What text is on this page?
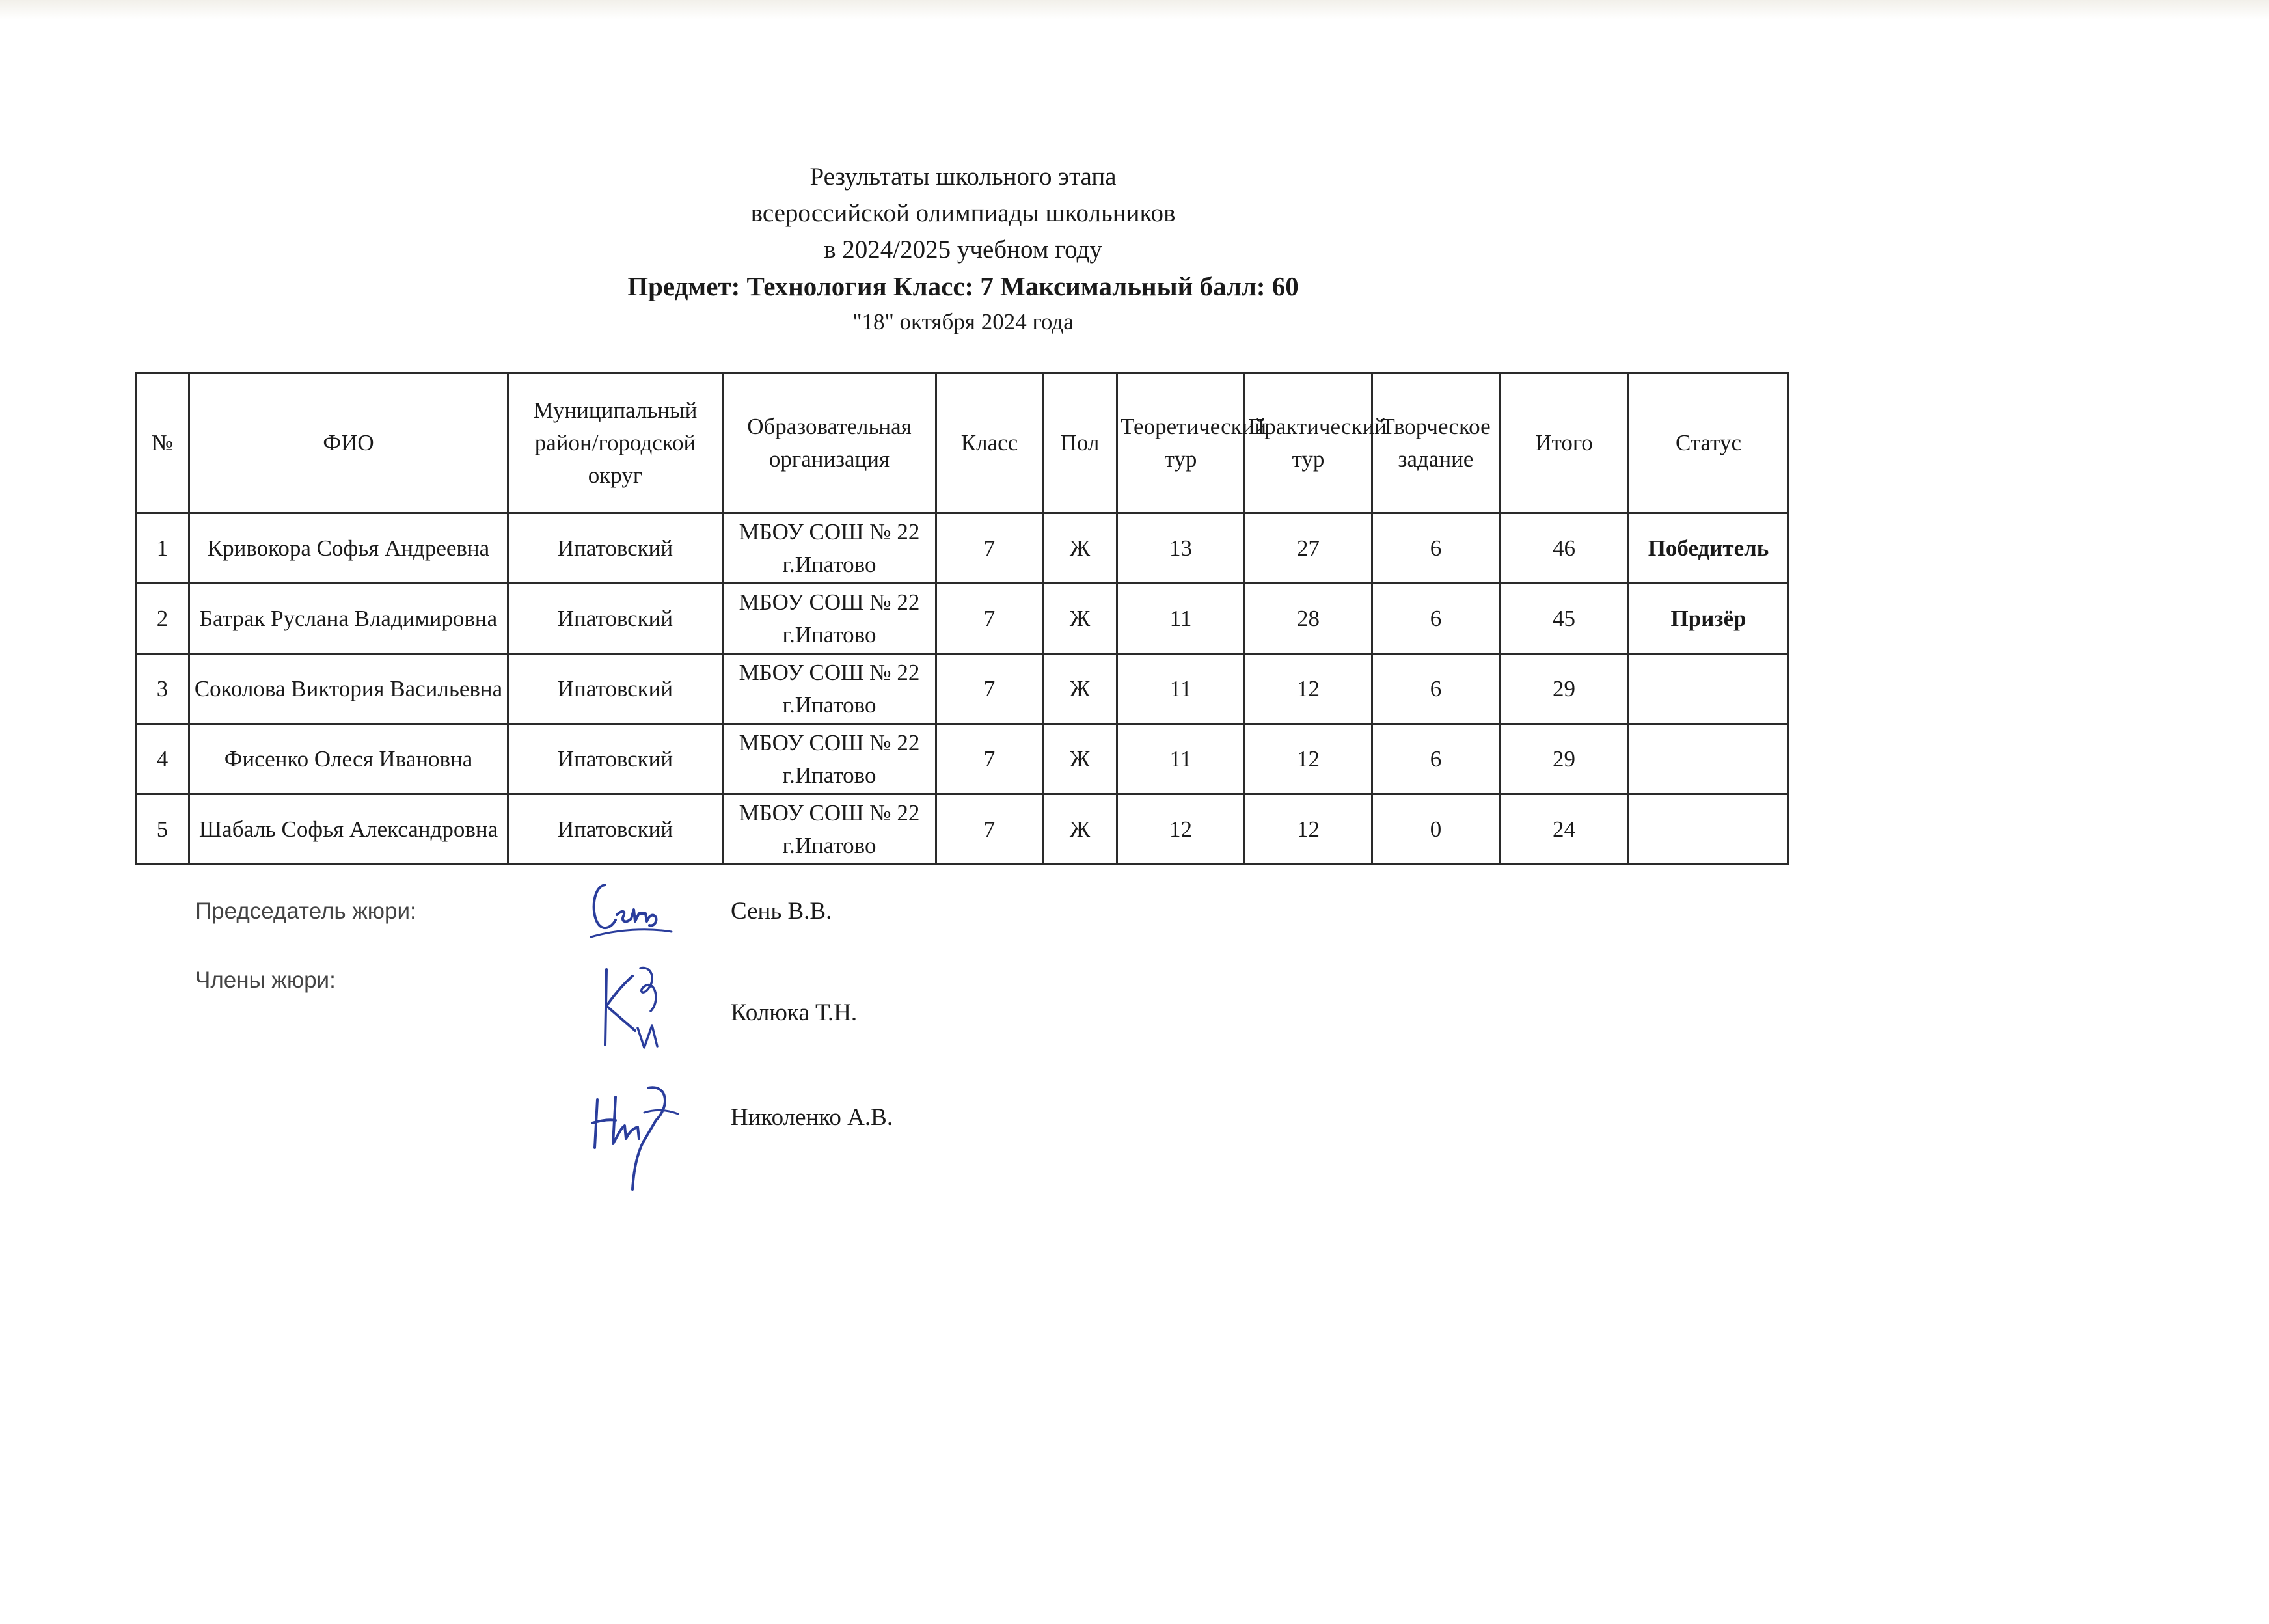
Результаты школьного этапа
всероссийской олимпиады школьников
в 2024/2025 учебном году
Предмет: Технология Класс: 7 Максимальный балл: 60
"18" октября 2024 года
№	ФИО	Муниципальный район/городской округ	Образовательная организация	Класс	Пол	Теоретический тур	Практический тур	Творческое задание	Итого	Статус
1	Кривокора Софья Андреевна	Ипатовский	МБОУ СОШ № 22 г.Ипатово	7	Ж	13	27	6	46	Победитель
2	Батрак Руслана Владимировна	Ипатовский	МБОУ СОШ № 22 г.Ипатово	7	Ж	11	28	6	45	Призёр
3	Соколова Виктория Васильевна	Ипатовский	МБОУ СОШ № 22 г.Ипатово	7	Ж	11	12	6	29	
4	Фисенко Олеся Ивановна	Ипатовский	МБОУ СОШ № 22 г.Ипатово	7	Ж	11	12	6	29	
5	Шабаль Софья Александровна	Ипатовский	МБОУ СОШ № 22 г.Ипатово	7	Ж	12	12	0	24	
Председатель жюри:	Сень В.В.
Члены жюри:
Колюка Т.Н.
Николенко А.В.
